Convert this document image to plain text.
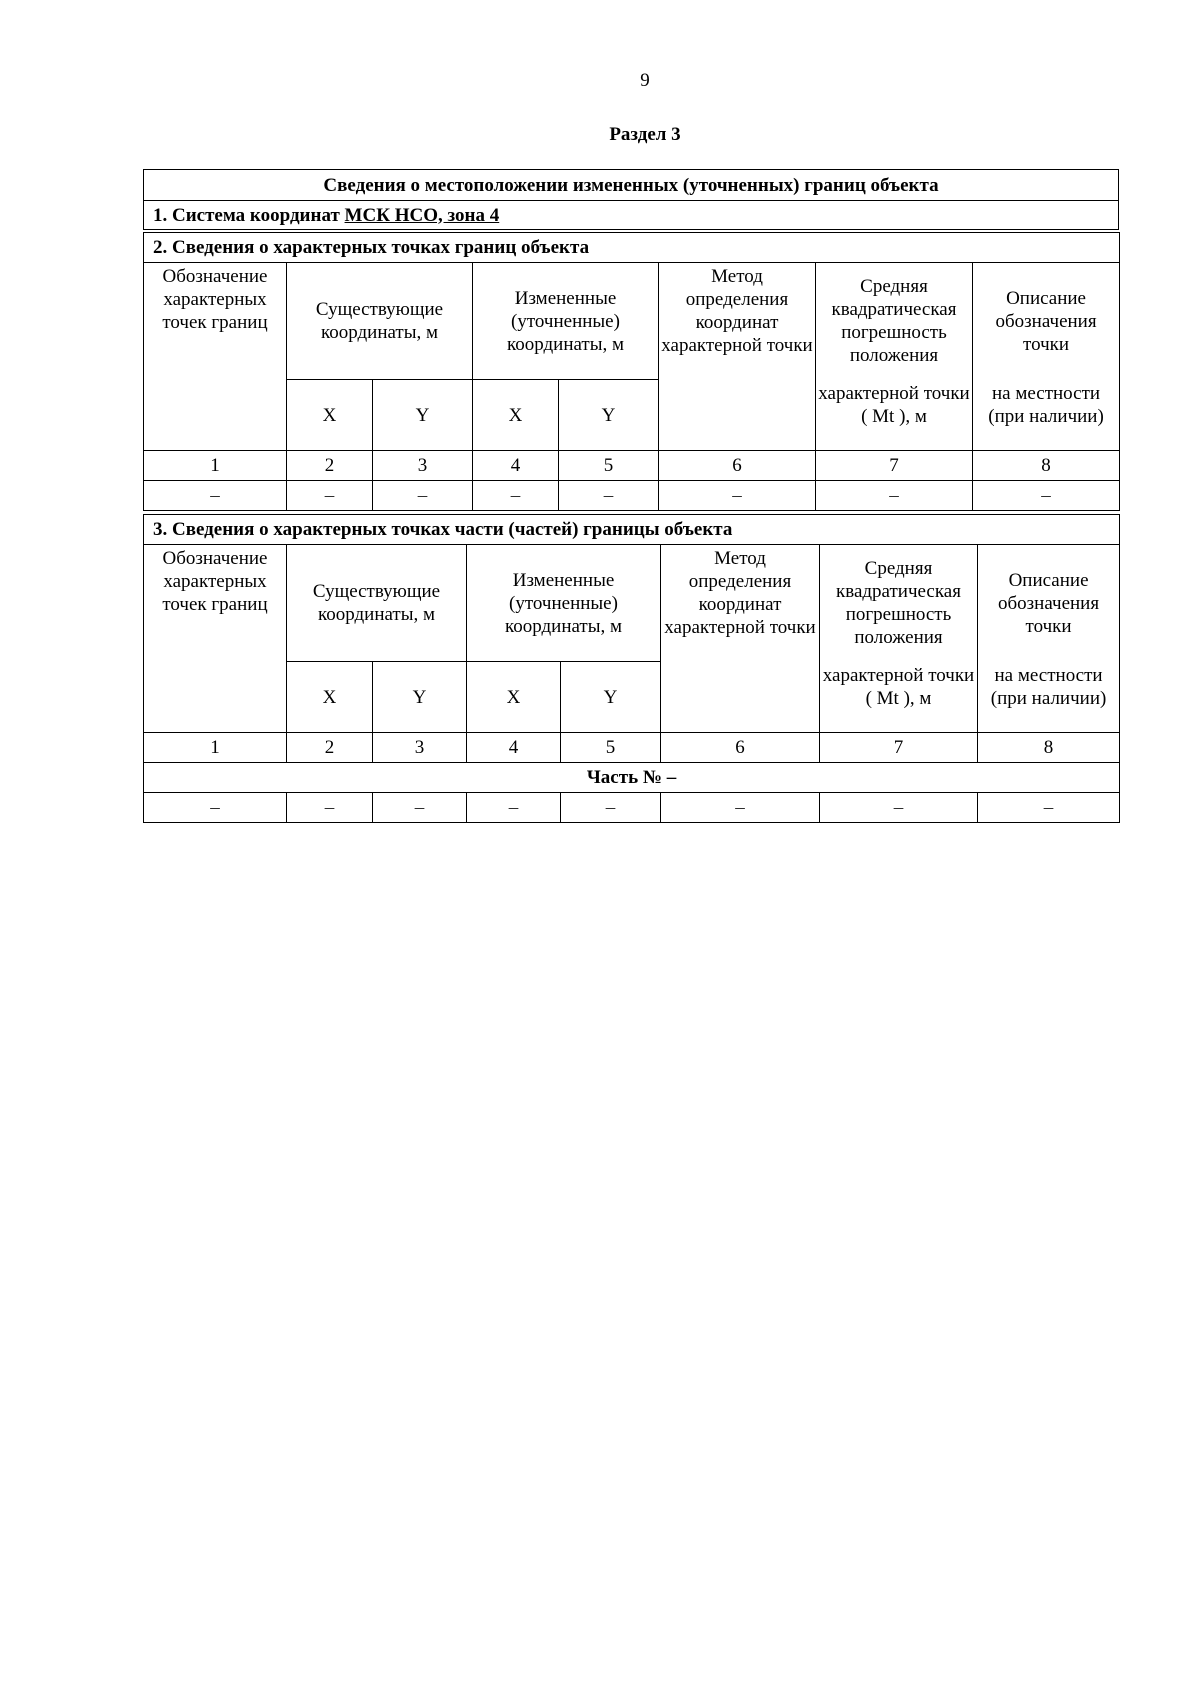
9
Раздел 3
Сведения о местоположении измененных (уточненных) границ объекта
1. Система координат МСК НСО, зона 4
2. Сведения о характерных точках границ объекта							
Обозначение характерных точек границ	Существующие координаты, м		Измененные (уточненные) координаты, м		Метод определения координат характерной точки	Средняя квадратическая погрешность положения	Описание обозначения точки
	X	Y	X	Y		характерной точки ( Mt ), м	на местности (при наличии)
1	2	3	4	5	6	7	8
–	–	–	–	–	–	–	–
3. Сведения о характерных точках части (частей) границы объекта							
Обозначение характерных точек границ	Существующие координаты, м		Измененные (уточненные) координаты, м		Метод определения координат характерной точки	Средняя квадратическая погрешность положения	Описание обозначения точки
	X	Y	X	Y		характерной точки ( Mt ), м	на местности (при наличии)
1	2	3	4	5	6	7	8
Часть № –							
–	–	–	–	–	–	–	–
